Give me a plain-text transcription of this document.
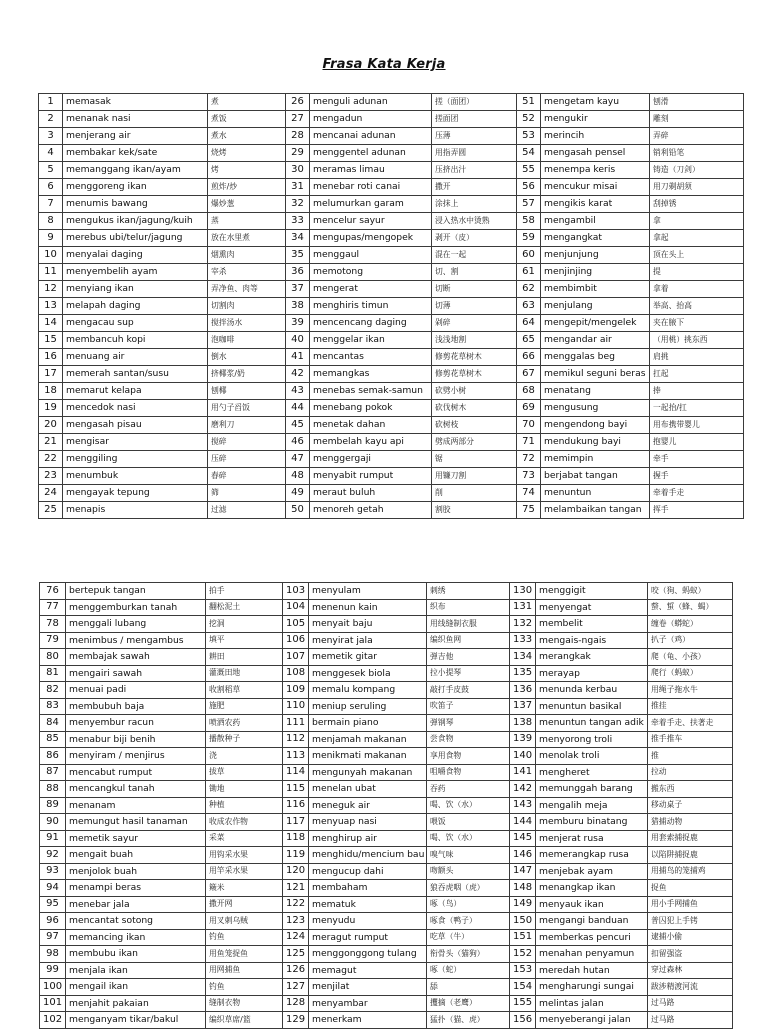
Frasa Kata Kerja
1	memasak	煮	26	menguli adunan	搓（面团）	51	mengetam kayu	刨滑
2	menanak nasi	煮饭	27	mengadun	搓面团	52	mengukir	雕刻
3	menjerang air	煮水	28	mencanai adunan	压薄	53	merincih	弄碎
4	membakar kek/sate	烧烤	29	menggentel adunan	用指弄圆	54	mengasah pensel	销利铅笔
5	memanggang ikan/ayam	烤	30	meramas limau	压挤出汁	55	menempa keris	铸造（刀剑）
6	menggoreng ikan	煎炸/炒	31	menebar roti canai	撒开	56	mencukur misai	用刀剃胡须
7	menumis bawang	爆炒葱	32	melumurkan garam	涂抹上	57	mengikis karat	刮掉锈
8	mengukus ikan/jagung/kuih	蒸	33	mencelur sayur	浸入热水中烫熟	58	mengambil	拿
9	merebus ubi/telur/jagung	放在水里煮	34	mengupas/mengopek	剥开（皮）	59	mengangkat	拿起
10	menyalai daging	烟熏肉	35	menggaul	混在一起	60	menjunjung	顶在头上
11	menyembelih ayam	宰杀	36	memotong	切、割	61	menjinjing	提
12	menyiang ikan	弄净鱼、肉等	37	mengerat	切断	62	membimbit	拿着
13	melapah daging	切割肉	38	menghiris timun	切薄	63	menjulang	举高、抬高
14	mengacau sup	搅拌汤水	39	mencencang daging	剁碎	64	mengepit/mengelek	夹在腋下
15	membancuh kopi	泡咖啡	40	menggelar ikan	浅浅地割	65	mengandar air	（用桃）挑东西
16	menuang air	倒水	41	mencantas	修剪花草树木	66	menggalas beg	肩挑
17	memerah santan/susu	挤椰浆/奶	42	memangkas	修剪花草树木	67	memikul seguni beras	扛起
18	memarut kelapa	刨椰	43	menebas semak-samun	砍劈小树	68	menatang	捧
19	mencedok nasi	用勺子舀饭	44	menebang pokok	砍伐树木	69	mengusung	一起抬/扛
20	mengasah pisau	磨利刀	45	menetak dahan	砍树枝	70	mengendong bayi	用布携带婴儿
21	mengisar	搅碎	46	membelah kayu api	劈成两部分	71	mendukung bayi	抱婴儿
22	menggiling	压碎	47	menggergaji	锯	72	memimpin	牵手
23	menumbuk	舂碎	48	menyabit rumput	用镰刀割	73	berjabat tangan	握手
24	mengayak tepung	筛	49	meraut buluh	削	74	menuntun	牵着手走
25	menapis	过滤	50	menoreh getah	割胶	75	melambaikan tangan	挥手
76	bertepuk tangan	拍手	103	menyulam	刺绣	130	menggigit	咬（狗、蚂蚁）
77	menggemburkan tanah	翻松泥土	104	menenun kain	织布	131	menyengat	螫、蜇（蜂、蝎）
78	menggali lubang	挖洞	105	menyait baju	用线缝制衣服	132	membelit	缠卷（蟒蛇）
79	menimbus / mengambus	填平	106	menyirat jala	编织鱼网	133	mengais-ngais	扒子（鸡）
80	membajak sawah	耕田	107	memetik gitar	弹吉他	134	merangkak	爬（龟、小孩）
81	mengairi sawah	灌溉田地	108	menggesek biola	拉小提琴	135	merayap	爬行（蚂蚁）
82	menuai padi	收割稻草	109	memalu kompang	敲打手皮鼓	136	menunda kerbau	用绳子拖水牛
83	membubuh baja	施肥	110	meniup seruling	吹笛子	137	menuntun basikal	推挂
84	menyembur racun	喷洒农药	111	bermain piano	弹钢琴	138	menuntun tangan adik	牵着手走、扶著走
85	menabur biji benih	播散种子	112	menjamah makanan	尝食物	139	menyorong troli	推手推车
86	menyiram / menjirus	浇	113	menikmati makanan	享用食物	140	menolak troli	推
87	mencabut rumput	拔草	114	mengunyah makanan	咀嚼食物	141	mengheret	拉动
88	mencangkul tanah	锄地	115	menelan ubat	吞药	142	memunggah barang	搬东西
89	menanam	种植	116	meneguk air	喝、饮（水）	143	mengalih meja	移动桌子
90	memungut hasil tanaman	收成农作物	117	menyuap nasi	喂饭	144	memburu binatang	猎捕动物
91	memetik sayur	采菜	118	menghirup air	喝、饮（水）	145	menjerat rusa	用套索捕捉鹿
92	mengait buah	用钩采水果	119	menghidu/mencium bau	嗅气味	146	memerangkap rusa	以陷阱捕捉鹿
93	menjolok buah	用竿采水果	120	mengucup dahi	吻额头	147	menjebak ayam	用捕鸟的笼捕鸡
94	menampi beras	簸米	121	membaham	狼吞虎咽（虎）	148	menangkap ikan	捉鱼
95	menebar jala	撒开网	122	mematuk	啄（鸟）	149	menyauk ikan	用小手网捕鱼
96	mencantat sotong	用叉刺乌贼	123	menyudu	啄食（鸭子）	150	mengangi banduan	普囚犯上手铐
97	memancing ikan	钓鱼	124	meragut rumput	吃草（牛）	151	memberkas pencuri	逮捕小偷
98	membubu ikan	用鱼笼捉鱼	125	menggonggong tulang	衔骨头（猫狗）	152	menahan penyamun	扣留强盗
99	menjala ikan	用网捕鱼	126	memagut	啄（蛇）	153	meredah hutan	穿过森林
100	mengail ikan	钓鱼	127	menjilat	舔	154	mengharungi sungai	跋涉精渡河流
101	menjahit pakaian	缝制衣物	128	menyambar	攫摘（老鹰）	155	melintas jalan	过马路
102	menganyam tikar/bakul	编织草席/篮	129	menerkam	猛扑（猫、虎）	156	menyeberangi jalan	过马路
